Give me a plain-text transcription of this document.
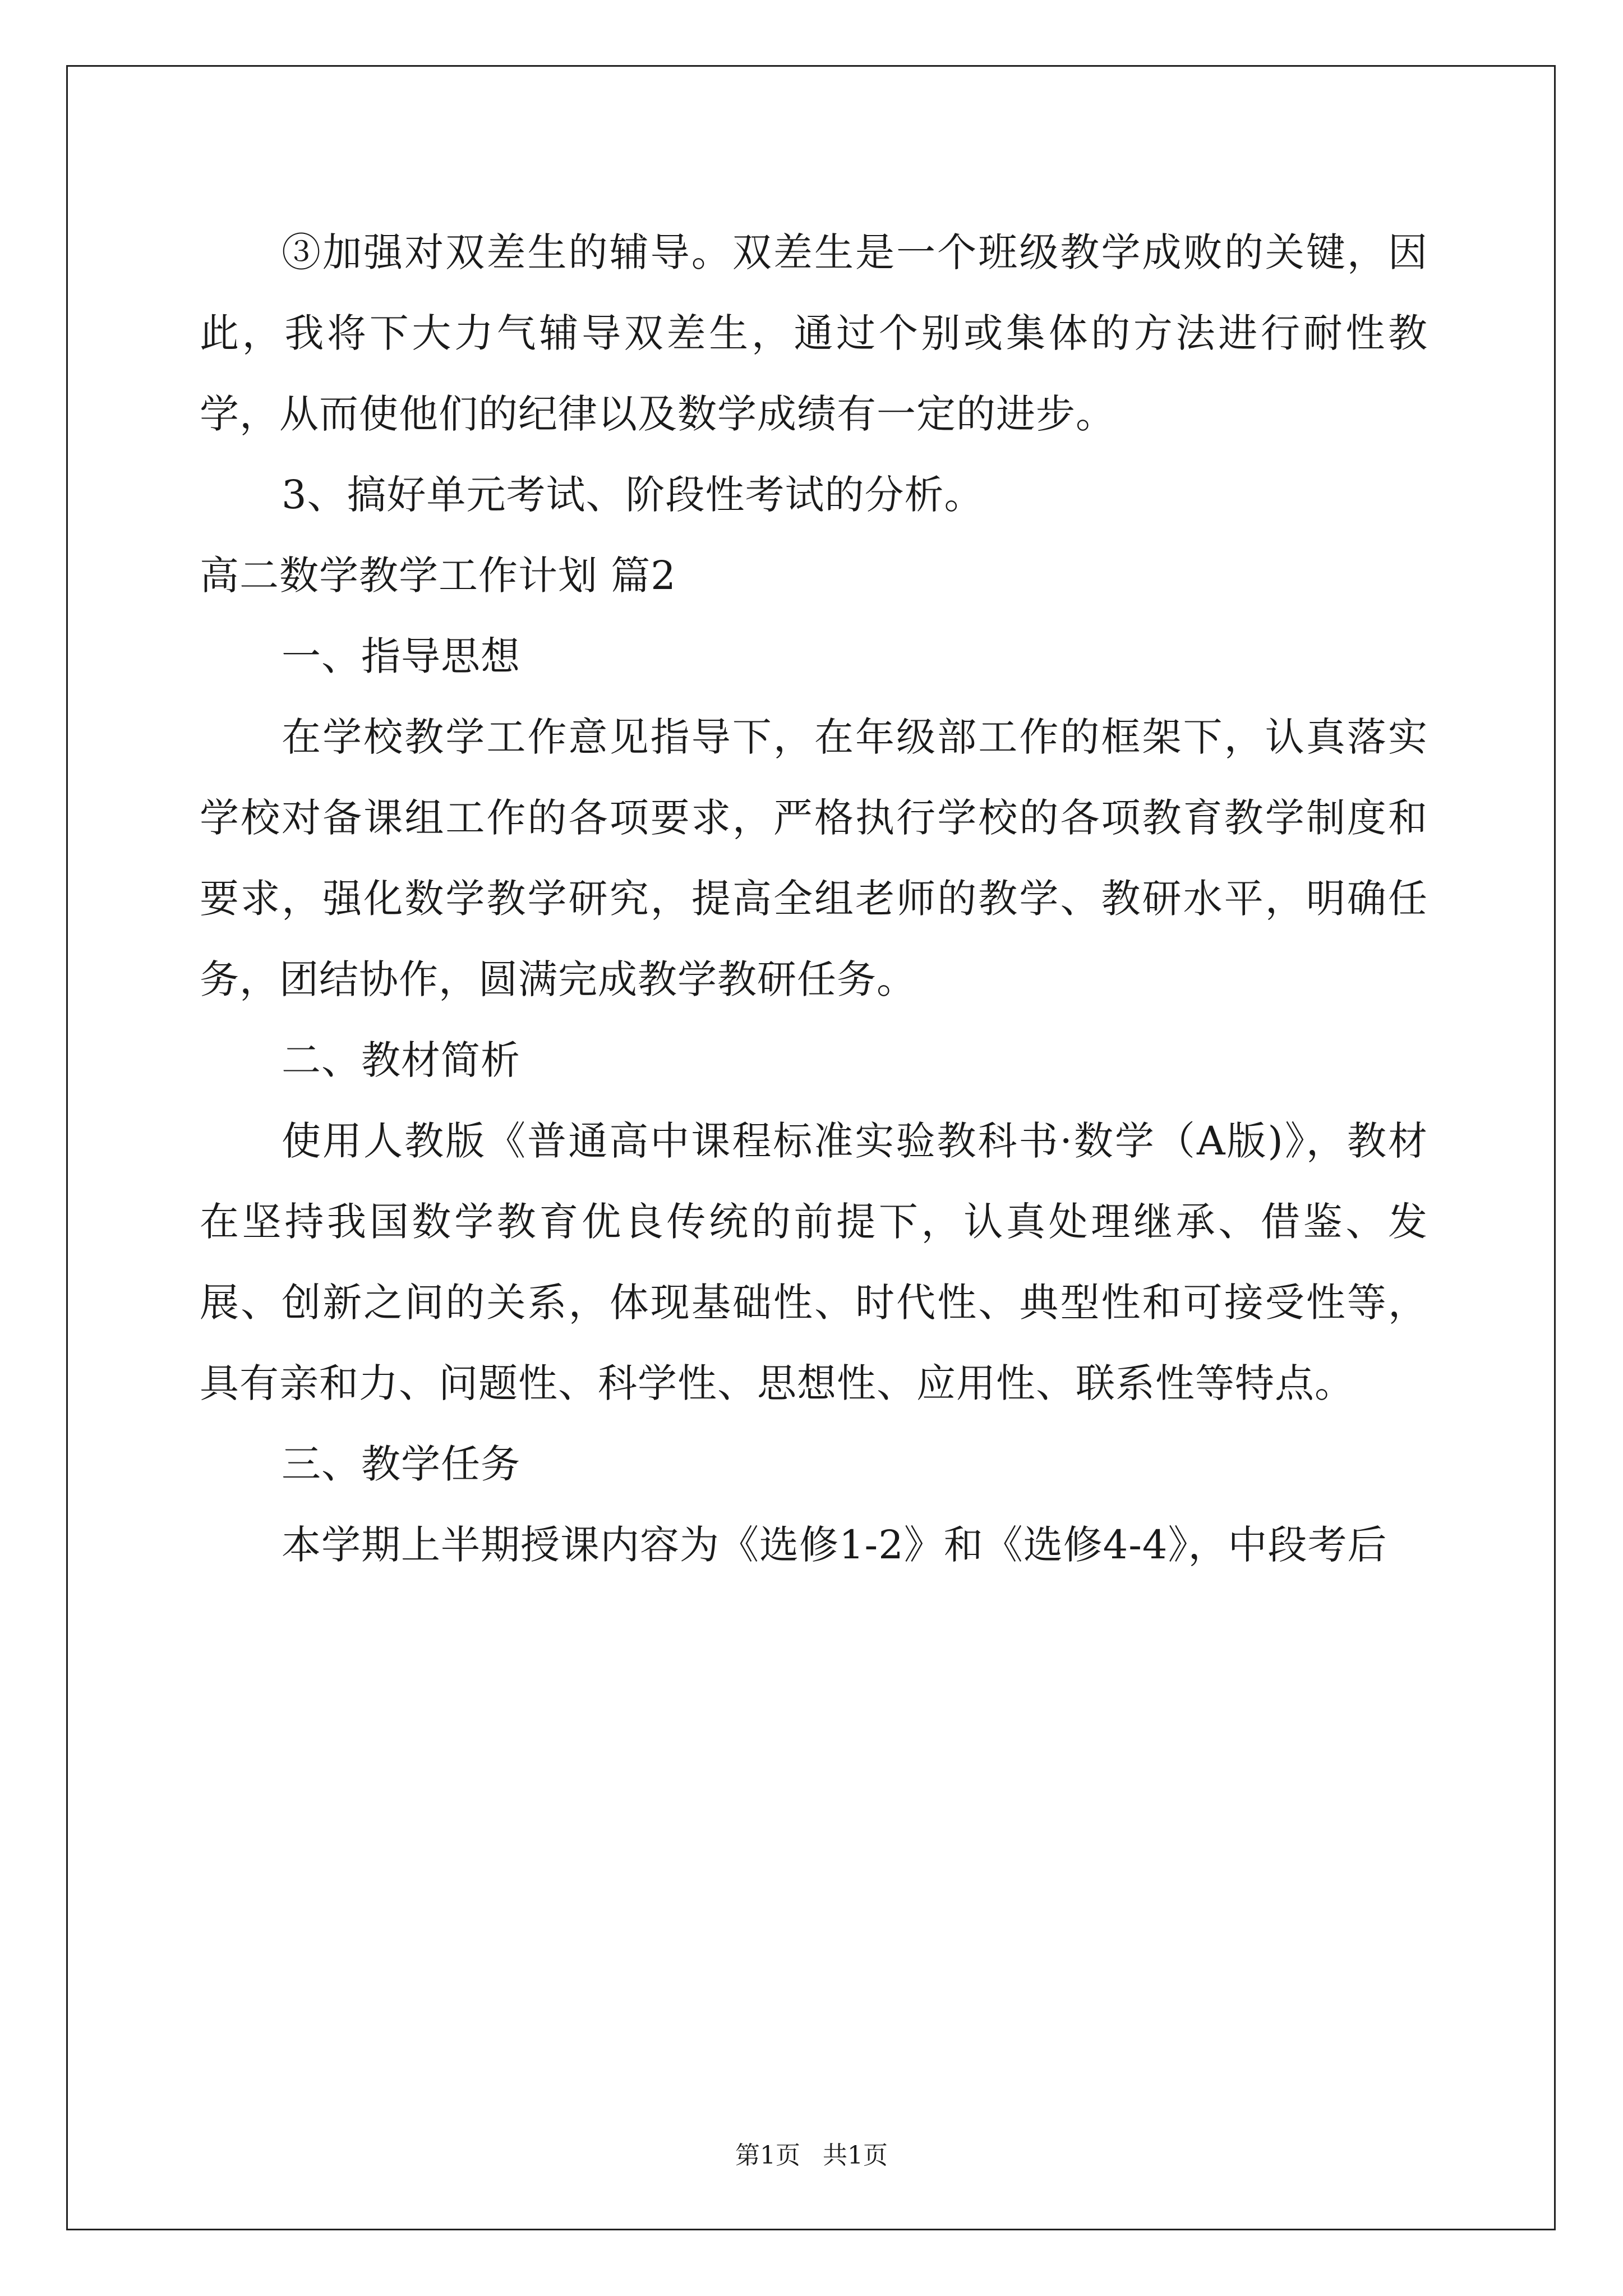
③加强对双差生的辅导。双差生是一个班级教学成败的关键，因此，我将下大力气辅导双差生，通过个别或集体的方法进行耐性教学，从而使他们的纪律以及数学成绩有一定的进步。

3、搞好单元考试、阶段性考试的分析。

高二数学教学工作计划 篇2

一、指导思想

在学校教学工作意见指导下，在年级部工作的框架下，认真落实学校对备课组工作的各项要求，严格执行学校的各项教育教学制度和要求，强化数学教学研究，提高全组老师的教学、教研水平，明确任务，团结协作，圆满完成教学教研任务。

二、教材简析

使用人教版《普通高中课程标准实验教科书·数学（A版)》，教材在坚持我国数学教育优良传统的前提下，认真处理继承、借鉴、发展、创新之间的关系，体现基础性、时代性、典型性和可接受性等，具有亲和力、问题性、科学性、思想性、应用性、联系性等特点。

三、教学任务

本学期上半期授课内容为《选修1-2》和《选修4-4》，中段考后

第1页 共1页
